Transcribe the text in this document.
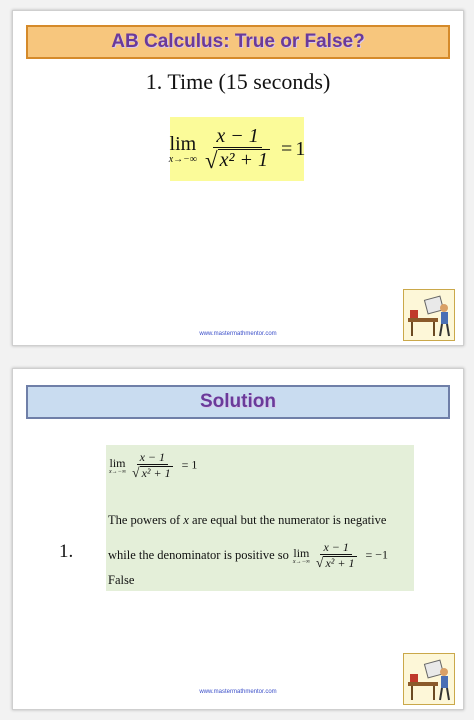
AB Calculus: True or False?
1. Time (15 seconds)
lim
x→−∞
$\frac{x - 1}{\text{√ x² + 1}} = 1$
www.mastermathmentor.com
Solution
1.
lim
x→−∞
$\frac{x - 1}{\text{√ x² + 1}} = 1$
The powers of x are equal but the numerator is negative
while the denominator is positive so lim
x→−∞
$\frac{x - 1}{\text{√ x² + 1}} = -1$
False
www.mastermathmentor.com
